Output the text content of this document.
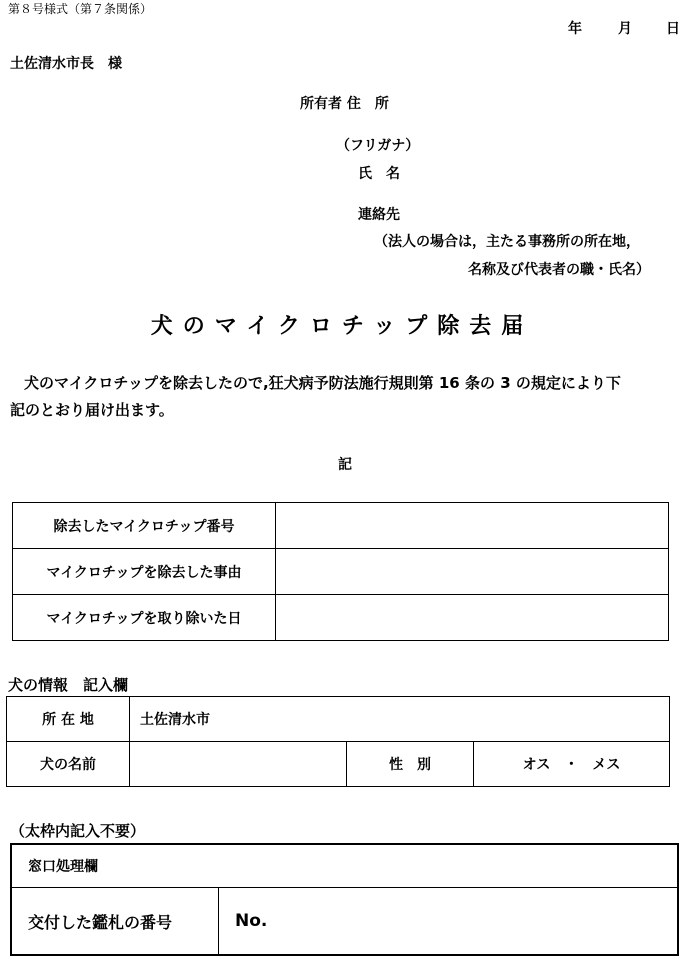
第８号様式（第７条関係）
年	月 日
土佐清水市長　様
所有者 住　所
（フリガナ）
氏　名
連絡先
（法人の場合は，主たる事務所の所在地，
名称及び代表者の職・氏名）
犬のマイクロチップ除去届
犬のマイクロチップを除去したので,狂犬病予防法施行規則第 16 条の 3 の規定により下
記のとおり届け出ます。
記
除去したマイクロチップ番号	
マイクロチップを除去した事由	
マイクロチップを取り除いた日	
犬の情報　記入欄
所 在 地	土佐清水市		
犬の名前		性　別	オス　・　メス
（太枠内記入不要）
窓口処理欄
交付した鑑札の番号	No.
